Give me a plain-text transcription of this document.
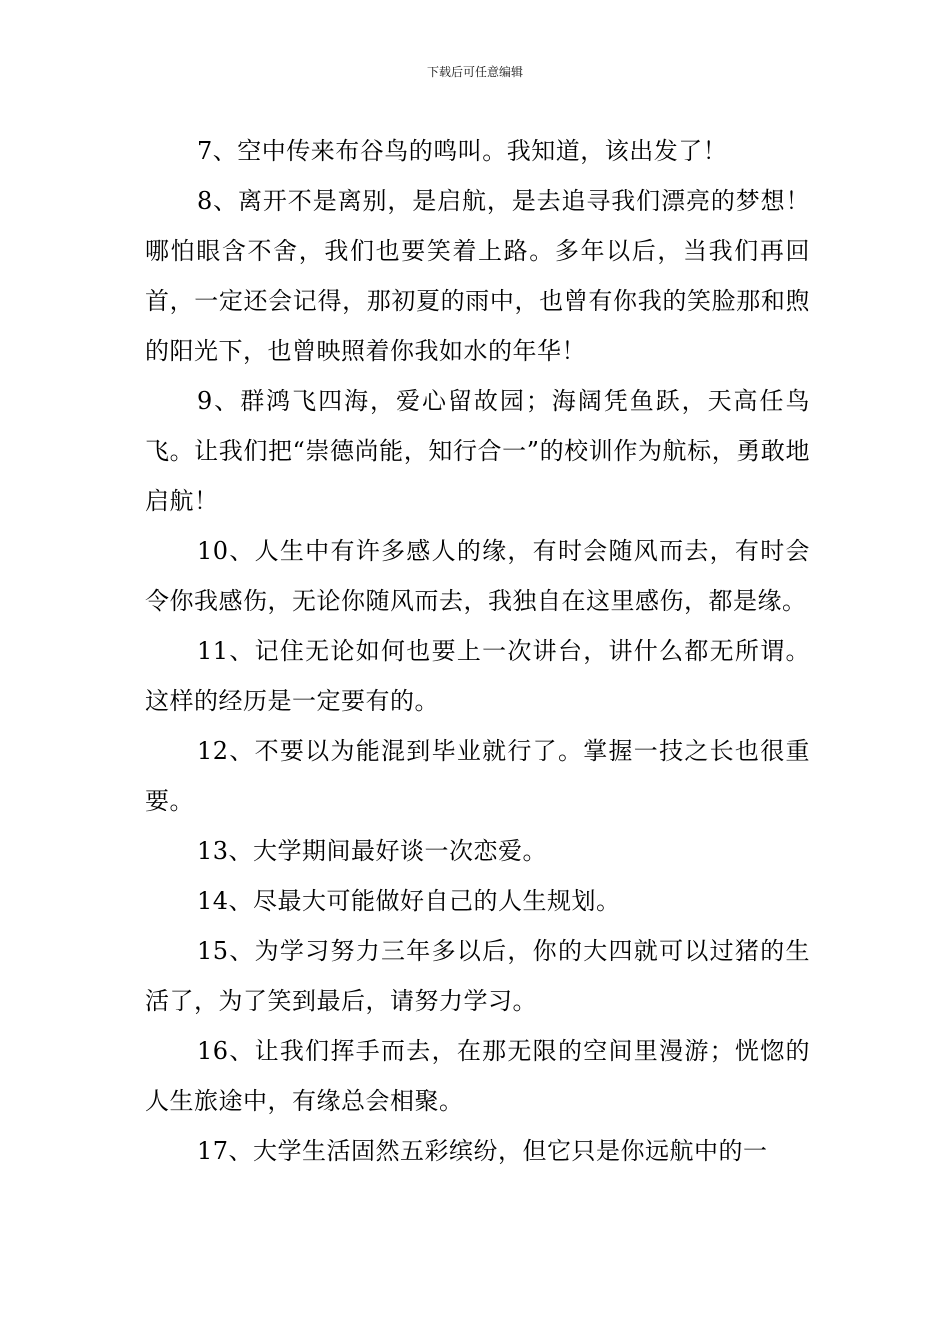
下载后可任意编辑

7、空中传来布谷鸟的鸣叫。我知道，该出发了！

8、离开不是离别，是启航，是去追寻我们漂亮的梦想！哪怕眼含不舍，我们也要笑着上路。多年以后，当我们再回首，一定还会记得，那初夏的雨中，也曾有你我的笑脸那和煦的阳光下，也曾映照着你我如水的年华！

9、群鸿飞四海，爱心留故园；海阔凭鱼跃，天高任鸟飞。让我们把“崇德尚能，知行合一”的校训作为航标，勇敢地启航！

10、人生中有许多感人的缘，有时会随风而去，有时会令你我感伤，无论你随风而去，我独自在这里感伤，都是缘。

11、记住无论如何也要上一次讲台，讲什么都无所谓。这样的经历是一定要有的。

12、不要以为能混到毕业就行了。掌握一技之长也很重要。

13、大学期间最好谈一次恋爱。

14、尽最大可能做好自己的人生规划。

15、为学习努力三年多以后，你的大四就可以过猪的生活了，为了笑到最后，请努力学习。

16、让我们挥手而去，在那无限的空间里漫游；恍惚的人生旅途中，有缘总会相聚。

17、大学生活固然五彩缤纷，但它只是你远航中的一
